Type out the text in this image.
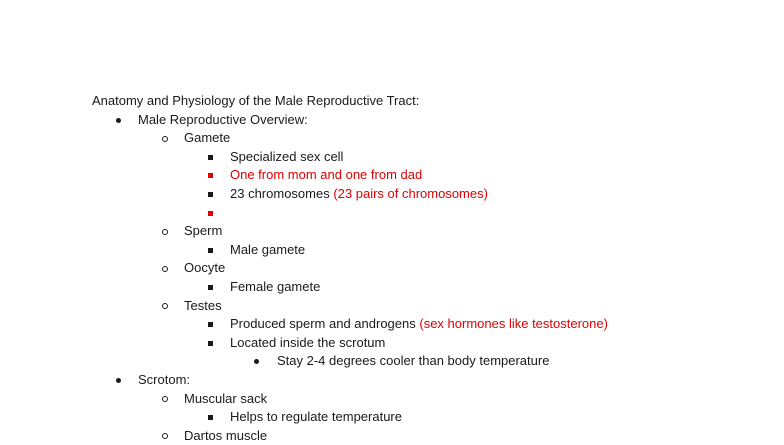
Anatomy and Physiology of the Male Reproductive Tract:
Male Reproductive Overview:
Gamete
Specialized sex cell
One from mom and one from dad
23 chromosomes (23 pairs of chromosomes)
Sperm
Male gamete
Oocyte
Female gamete
Testes
Produced sperm and androgens (sex hormones like testosterone)
Located inside the scrotum
Stay 2-4 degrees cooler than body temperature
Scrotom:
Muscular sack
Helps to regulate temperature
Dartos muscle
